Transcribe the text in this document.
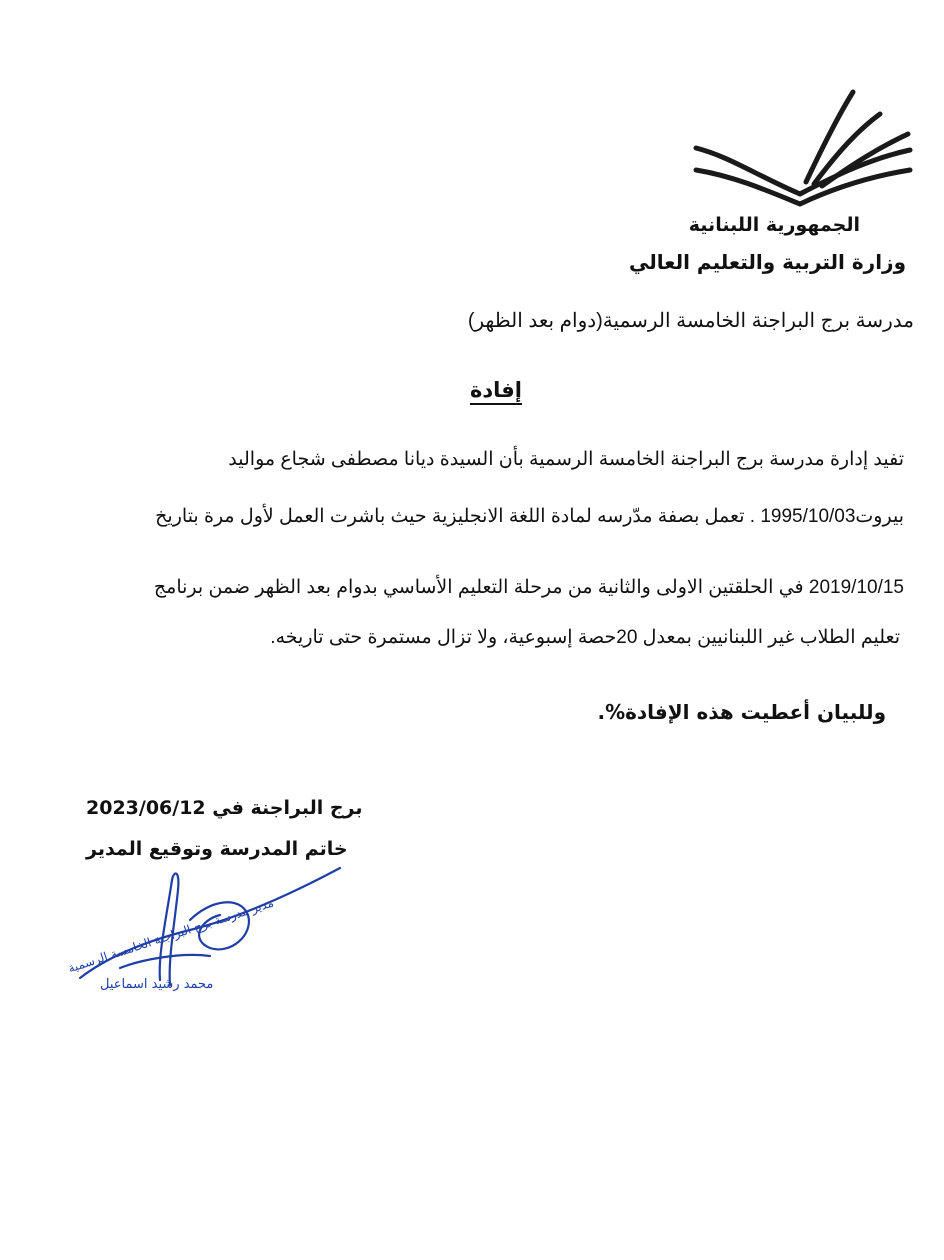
الجمهورية اللبنانية
وزارة التربية والتعليم العالي
مدرسة برج البراجنة الخامسة الرسمية(دوام بعد الظهر)
إفادة
تفيد إدارة مدرسة برج البراجنة الخامسة الرسمية بأن السيدة ديانا مصطفى شجاع مواليد
بيروت1995/10/03 . تعمل بصفة مدّرسه لمادة اللغة الانجليزية حيث باشرت العمل لأول مرة بتاريخ
2019/10/15 في الحلقتين الاولى والثانية من مرحلة التعليم الأساسي بدوام بعد الظهر ضمن برنامج
تعليم الطلاب غير اللبنانيين بمعدل 20حصة إسبوعية، ولا تزال مستمرة حتى تاريخه.
وللبيان أعطيت هذه الإفادة%.
برج البراجنة في 2023/06/12
خاتم المدرسة وتوقيع المدير
محمد رشيد اسماعيل
مدير مدرسة برج البراجنة الخامسة الرسمية
